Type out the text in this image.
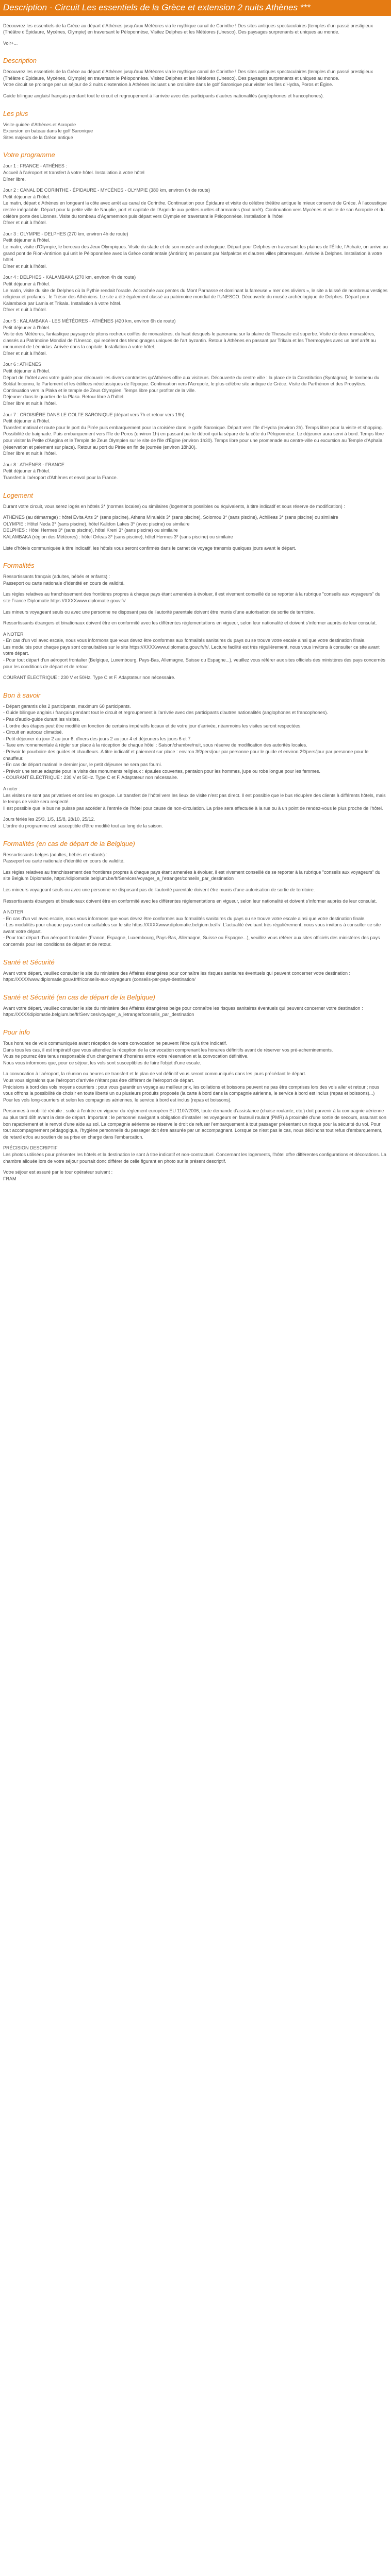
Description - Circuit Les essentiels de la Grèce et extension 2 nuits Athènes ***

Découvrez les essentiels de la Grèce au départ d'Athènes jusqu'aux Météores via le mythique canal de Corinthe ! Des sites antiques spectaculaires (temples d'un passé prestigieux (Théâtre d'Épidaure, Mycènes, Olympie) en traversant le Péloponnèse, Visitez Delphes et les Météores (Unesco). Des paysages surprenants et uniques au monde.

Voir+...

Description

Découvrez les essentiels de la Grèce au départ d'Athènes jusqu'aux Météores via le mythique canal de Corinthe ! Des sites antiques spectaculaires (temples d'un passé prestigieux (Théâtre d'Épidaure, Mycènes, Olympie) en traversant le Péloponnèse. Visitez Delphes et les Météores (Unesco). Des paysages surprenants et uniques au monde.
Votre circuit se prolonge par un séjour de 2 nuits d'extension à Athènes incluant une croisière dans le golf Saronique pour visiter les îles d'Hydra, Poros et Égine.

Guide bilingue anglais/ français pendant tout le circuit et regroupement à l'arrivée avec des participants d'autres nationalités (anglophones et francophones).

Les plus

Visite guidée d'Athènes et Acropole
Excursion en bateau dans le golf Saronique
Sites majeurs de la Grèce antique

Votre programme

Jour 1 : FRANCE - ATHÈNES :
Accueil à l'aéroport et transfert à votre hôtel. Installation à votre hôtel
Dîner libre.

Jour 2 : CANAL DE CORINTHE - ÉPIDAURE - MYCÈNES - OLYMPIE (380 km, environ 6h de route)
Petit déjeuner à l'hôtel.
Le matin, départ d'Athènes en longeant la côte avec arrêt au canal de Corinthe. Continuation pour Épidaure et visite du célèbre théâtre antique le mieux conservé de Grèce. À l'acoustique restée inégalable. Départ pour la petite ville de Nauplie, port et capitale de l'Argolide aux petites ruelles charmantes (tout arrêt). Continuation vers Mycènes et visite de son Acropole et du célèbre porte des Lionnes. Visite du tombeau d'Agamemnon puis départ vers Olympie en traversant le Péloponnèse. Installation à l'hôtel
Dîner et nuit à l'hôtel.

Jour 3 : OLYMPIE - DELPHES (270 km, environ 4h de route)
Petit déjeuner à l'hôtel.
Le matin, visite d'Olympie, le berceau des Jeux Olympiques. Visite du stade et de son musée archéologique. Départ pour Delphes en traversant les plaines de l'Élide, l'Achaïe, on arrive au grand pont de Rion-Antirrion qui unit le Péloponnèse avec la Grèce continentale (Antirion) en passant par Nafpaktos et d'autres villes pittoresques. Arrivée à Delphes. Installation à votre hôtel.
Dîner et nuit à l'hôtel.

Jour 4 : DELPHES - KALAMBAKA (270 km, environ 4h de route)
Petit déjeuner à l'hôtel.
Le matin, visite du site de Delphes où la Pythie rendait l'oracle. Accrochée aux pentes du Mont Parnasse et dominant la fameuse « mer des oliviers », le site a laissé de nombreux vestiges religieux et profanes : le Trésor des Athéniens. Le site a été également classé au patrimoine mondial de l'UNESCO. Découverte du musée archéologique de Delphes. Départ pour Kalambaka par Lamia et Trikala. Installation à votre hôtel.
Dîner et nuit à l'hôtel.

Jour 5 : KALAMBAKA - LES MÉTÉORES - ATHÈNES (420 km, environ 6h de route)
Petit déjeuner à l'hôtel.
Visite des Météores, fantastique paysage de pitons rocheux coiffés de monastères, du haut desquels le panorama sur la plaine de Thessalie est superbe. Visite de deux monastères, classés au Patrimoine Mondial de l'Unesco, qui recèlent des témoignages uniques de l'art byzantin. Retour à Athènes en passant par Trikala et les Thermopyles avec un bref arrêt au monument de Léonidas. Arrivée dans la capitale. Installation à votre hôtel.
Dîner et nuit à l'hôtel.

Jour 6 : ATHÈNES
Petit déjeuner à l'hôtel.
Départ de l'hôtel avec votre guide pour découvrir les divers contrastes qu'Athènes offre aux visiteurs. Découverte du centre ville : la place de la Constitution (Syntagma), le tombeau du Soldat Inconnu, le Parlement et les édifices néoclassiques de l'époque. Continuation vers l'Acropole, le plus célèbre site antique de Grèce. Visite du Parthénon et des Propylées. Continuation vers la Plaka et le temple de Zeus Olympien. Temps libre pour profiter de la ville.
Déjeuner dans le quartier de la Plaka. Retour libre à l'hôtel.
Dîner libre et nuit à l'hôtel.

Jour 7 : CROISIÈRE DANS LE GOLFE SARONIQUE (départ vers 7h et retour vers 19h).
Petit déjeuner à l'hôtel.
Transfert matinal et route pour le port du Pirée puis embarquement pour la croisière dans le golfe Saronique. Départ vers l'île d'Hydra (environ 2h). Temps libre pour la visite et shopping. Possibilité de baignade. Puis embarquement vers l'île de Poros (environ 1h) en passant par le détroit qui la sépare de la côte du Péloponnèse. Le déjeuner aura servi à bord. Temps libre pour visiter la Petite d'Aegina et le Temple de Zeus Olympien sur le site de l'île d'Égine (environ 1h30). Temps libre pour une promenade au centre-ville ou excursion au Temple d'Aphaïa (réservation et paiement sur place). Retour au port du Pirée en fin de journée (environ 18h30).
Dîner libre et nuit à l'hôtel.

Jour 8 : ATHÈNES - FRANCE
Petit déjeuner à l'hôtel.
Transfert à l'aéroport d'Athènes et envol pour la France.

Logement

Durant votre circuit, vous serez logés en hôtels 3* (normes locales) ou similaires (logements possibles ou équivalents, à titre indicatif et sous réserve de modification) :

ATHÈNES (au démarrage) : hôtel Evita Arts 3* (sans piscine), Athens Miralakis 3* (sans piscine), Solomou 3* (sans piscine), Achilleas 3* (sans piscine) ou similaire
OLYMPIE : Hôtel Neda 3* (sans piscine), hôtel Kalidon Lakes 3* (avec piscine) ou similaire
DELPHES : Hôtel Hermes 3* (sans piscine), hôtel Kreni 3* (sans piscine) ou similaire
KALAMBAKA (région des Météores) : hôtel Orfeas 3* (sans piscine), hôtel Hermes 3* (sans piscine) ou similaire

Liste d'hôtels communiquée à titre indicatif, les hôtels vous seront confirmés dans le carnet de voyage transmis quelques jours avant le départ.

Formalités

Ressortissants français (adultes, bébés et enfants) :
Passeport ou carte nationale d'identité en cours de validité.

Les règles relatives au franchissement des frontières propres à chaque pays étant amenées à évoluer, il est vivement conseillé de se reporter à la rubrique "conseils aux voyageurs" du site France Diplomatie.https://XXXXwww.diplomatie.gouv.fr/

Les mineurs voyageant seuls ou avec une personne ne disposant pas de l'autorité parentale doivent être munis d'une autorisation de sortie de territoire.

Ressortissants étrangers et binationaux doivent être en conformité avec les différentes réglementations en vigueur, selon leur nationalité et doivent s'informer auprès de leur consulat.

A NOTER
- En cas d'un vol avec escale, nous vous informons que vous devez être conformes aux formalités sanitaires du pays ou se trouve votre escale ainsi que votre destination finale.
Les modalités pour chaque pays sont consultables sur le site https://XXXXwww.diplomatie.gouv.fr/fr/. Lecture facilité est très régulièrement, nous vous invitons à consulter ce site avant votre départ.
- Pour tout départ d'un aéroport frontalier (Belgique, Luxembourg, Pays-Bas, Allemagne, Suisse ou Espagne...), veuillez vous référer aux sites officiels des ministères des pays concernés pour les conditions de départ et de retour.

COURANT ÉLECTRIQUE : 230 V et 50Hz. Type C et F. Adaptateur non nécessaire.

Bon à savoir

- Départ garantis dès 2 participants, maximum 60 participants.
- Guide bilingue anglais / français pendant tout le circuit et regroupement à l'arrivée avec des participants d'autres nationalités (anglophones et francophones).
- Pas d'audio-guide durant les visites.
- L'ordre des étapes peut être modifié en fonction de certains impératifs locaux et de votre jour d'arrivée, néanmoins les visites seront respectées.
- Circuit en autocar climatisé.
- Petit déjeuner du jour 2 au jour 6, dîners des jours 2 au jour 4 et déjeuners les jours 6 et 7.
- Taxe environnementale à régler sur place à la réception de chaque hôtel : Saison/chambre/nuit, sous réserve de modification des autorités locales.
- Prévoir le pourboire des guides et chauffeurs. A titre indicatif et paiement sur place : environ 3€/pers/jour par personne pour le guide et environ 2€/pers/jour par personne pour le chauffeur.
- En cas de départ matinal le dernier jour, le petit déjeuner ne sera pas fourni.
- Prévoir une tenue adaptée pour la visite des monuments religieux : épaules couvertes, pantalon pour les hommes, jupe ou robe longue pour les femmes.
- COURANT ÉLECTRIQUE : 230 V et 50Hz. Type C et F. Adaptateur non nécessaire.

A noter :
Les visites ne sont pas privatives et ont lieu en groupe. Le transfert de l'hôtel vers les lieux de visite n'est pas direct. Il est possible que le bus récupère des clients à différents hôtels, mais le temps de visite sera respecté.
Il est possible que le bus ne puisse pas accéder à l'entrée de l'hôtel pour cause de non-circulation. La prise sera effectuée à la rue ou à un point de rendez-vous le plus proche de l'hôtel.

Jours fériés les 25/3, 1/5, 15/8, 28/10, 25/12.
L'ordre du programme est susceptible d'être modifié tout au long de la saison.

Formalités (en cas de départ de la Belgique)

Ressortissants belges (adultes, bébés et enfants) :
Passeport ou carte nationale d'identité en cours de validité.

Les règles relatives au franchissement des frontières propres à chaque pays étant amenées à évoluer, il est vivement conseillé de se reporter à la rubrique "conseils aux voyageurs" du site Belgium Diplomatie, https://diplomatie.belgium.be/fr/Services/voyager_a_l'etranger/conseils_par_destination

Les mineurs voyageant seuls ou avec une personne ne disposant pas de l'autorité parentale doivent être munis d'une autorisation de sortie de territoire.

Ressortissants étrangers et binationaux doivent être en conformité avec les différentes réglementations en vigueur, selon leur nationalité et doivent s'informer auprès de leur consulat.

A NOTER
- En cas d'un vol avec escale, nous vous informons que vous devez être conformes aux formalités sanitaires du pays ou se trouve votre escale ainsi que votre destination finale.
- Les modalités pour chaque pays sont consultables sur le site https://XXXXwww.diplomatie.belgium.be/fr/. L'actualité évoluant très régulièrement, nous vous invitons à consulter ce site avant votre départ.
- Pour tout départ d'un aéroport frontalier (France, Espagne, Luxembourg, Pays-Bas, Allemagne, Suisse ou Espagne...), veuillez vous référer aux sites officiels des ministères des pays concernés pour les conditions de départ et de retour.

Santé et Sécurité

Avant votre départ, veuillez consulter le site du ministère des Affaires étrangères pour connaître les risques sanitaires éventuels qui peuvent concerner votre destination : https://XXXXwww.diplomatie.gouv.fr/fr/conseils-aux-voyageurs (conseils-par-pays-destination/

Santé et Sécurité (en cas de départ de la Belgique)

Avant votre départ, veuillez consulter le site du ministère des Affaires étrangères belge pour connaître les risques sanitaires éventuels qui peuvent concerner votre destination : https://XXXXdiplomatie.belgium.be/fr/Services/voyager_a_letranger/conseils_par_destination

Pour info

Tous horaires de vols communiqués avant réception de votre convocation ne peuvent l'être qu'à titre indicatif.
Dans tous les cas, il est impératif que vous attendiez la réception de la convocation comprenant les horaires définitifs avant de réserver vos pré-acheminements.
Vous ne pourrez être tenus responsable d'un changement d'horaires entre votre réservation et la convocation définitive.
Nous vous informons que, pour ce séjour, les vols sont susceptibles de faire l'objet d'une escale.

La convocation à l'aéroport, la réunion ou heures de transfert et le plan de vol définitif vous seront communiqués dans les jours précédant le départ.
Vous vous signalons que l'aéroport d'arrivée n'étant pas être différent de l'aéroport de départ.
Précisions à bord des vols moyens courriers : pour vous garantir un voyage au meilleur prix, les collations et boissons peuvent ne pas être comprises lors des vols aller et retour ; nous vous offrons la possibilité de choisir en toute liberté un ou plusieurs produits proposés (la carte à bord dans la compagnie aérienne, le service à bord est inclus (repas et boissons)...)
Pour les vols long-courriers et selon les compagnies aériennes, le service à bord est inclus (repas et boissons).

Personnes à mobilité réduite : suite à l'entrée en vigueur du règlement européen EU 1107/2006, toute demande d'assistance (chaise roulante, etc.) doit parvenir à la compagnie aérienne au plus tard 48h avant la date de départ. Important : le personnel navigant a obligation d'installer les voyageurs en fauteuil roulant (PMR) à proximité d'une sortie de secours, assurant son bon rapatriement et le renvoi d'une aide au sol. La compagnie aérienne se réserve le droit de refuser l'embarquement à tout passager présentant un risque pour la sécurité du vol. Pour tout accompagnement pédagogique, l'hygiène personnelle du passager doit être assurée par un accompagnant. Lorsque ce n'est pas le cas, nous déclinons tout refus d'embarquement, de retard et/ou au soutien de sa prise en charge dans l'embarcation.

PRÉCISION DESCRIPTIF
Les photos utilisées pour présenter les hôtels et la destination le sont à titre indicatif et non-contractuel. Concernant les logements, l'hôtel offre différentes configurations et décorations. La chambre allouée lors de votre séjour pourrait donc différer de celle figurant en photo sur le présent descriptif.

Votre séjour est assuré par le tour opérateur suivant :
FRAM
